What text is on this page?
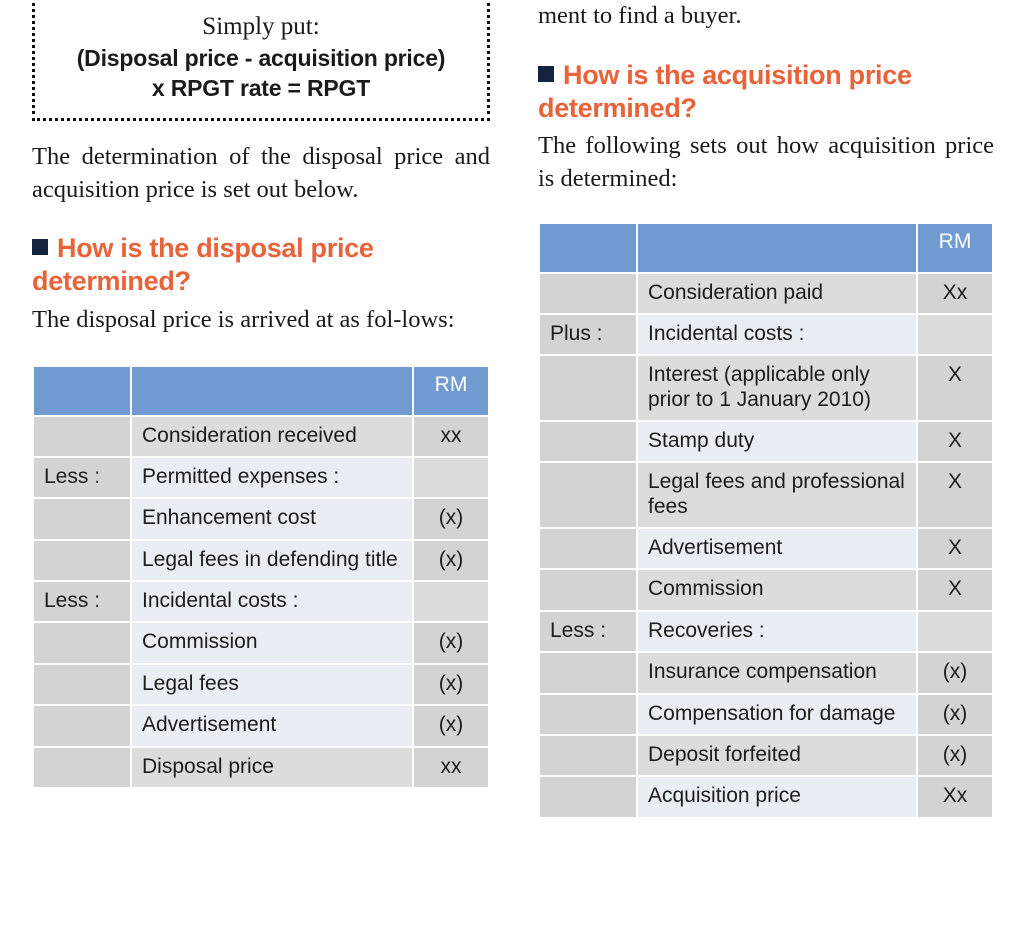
Simply put:
(Disposal price - acquisition price)
x RPGT rate = RPGT

The determination of the disposal price and acquisition price is set out below.

How is the disposal price determined?

The disposal price is arrived at as fol-lows:

		RM
	Consideration received	xx
Less :	Permitted expenses :	
	Enhancement cost	(x)
	Legal fees in defending title	(x)
Less :	Incidental costs :	
	Commission	(x)
	Legal fees	(x)
	Advertisement	(x)
	Disposal price	xx

ment to find a buyer.

How is the acquisition price determined?

The following sets out how acquisition price is determined:

		RM
	Consideration paid	Xx
Plus :	Incidental costs :	
	Interest (applicable only prior to 1 January 2010)	X
	Stamp duty	X
	Legal fees and professional fees	X
	Advertisement	X
	Commission	X
Less :	Recoveries :	
	Insurance compensation	(x)
	Compensation for damage	(x)
	Deposit forfeited	(x)
	Acquisition price	Xx
